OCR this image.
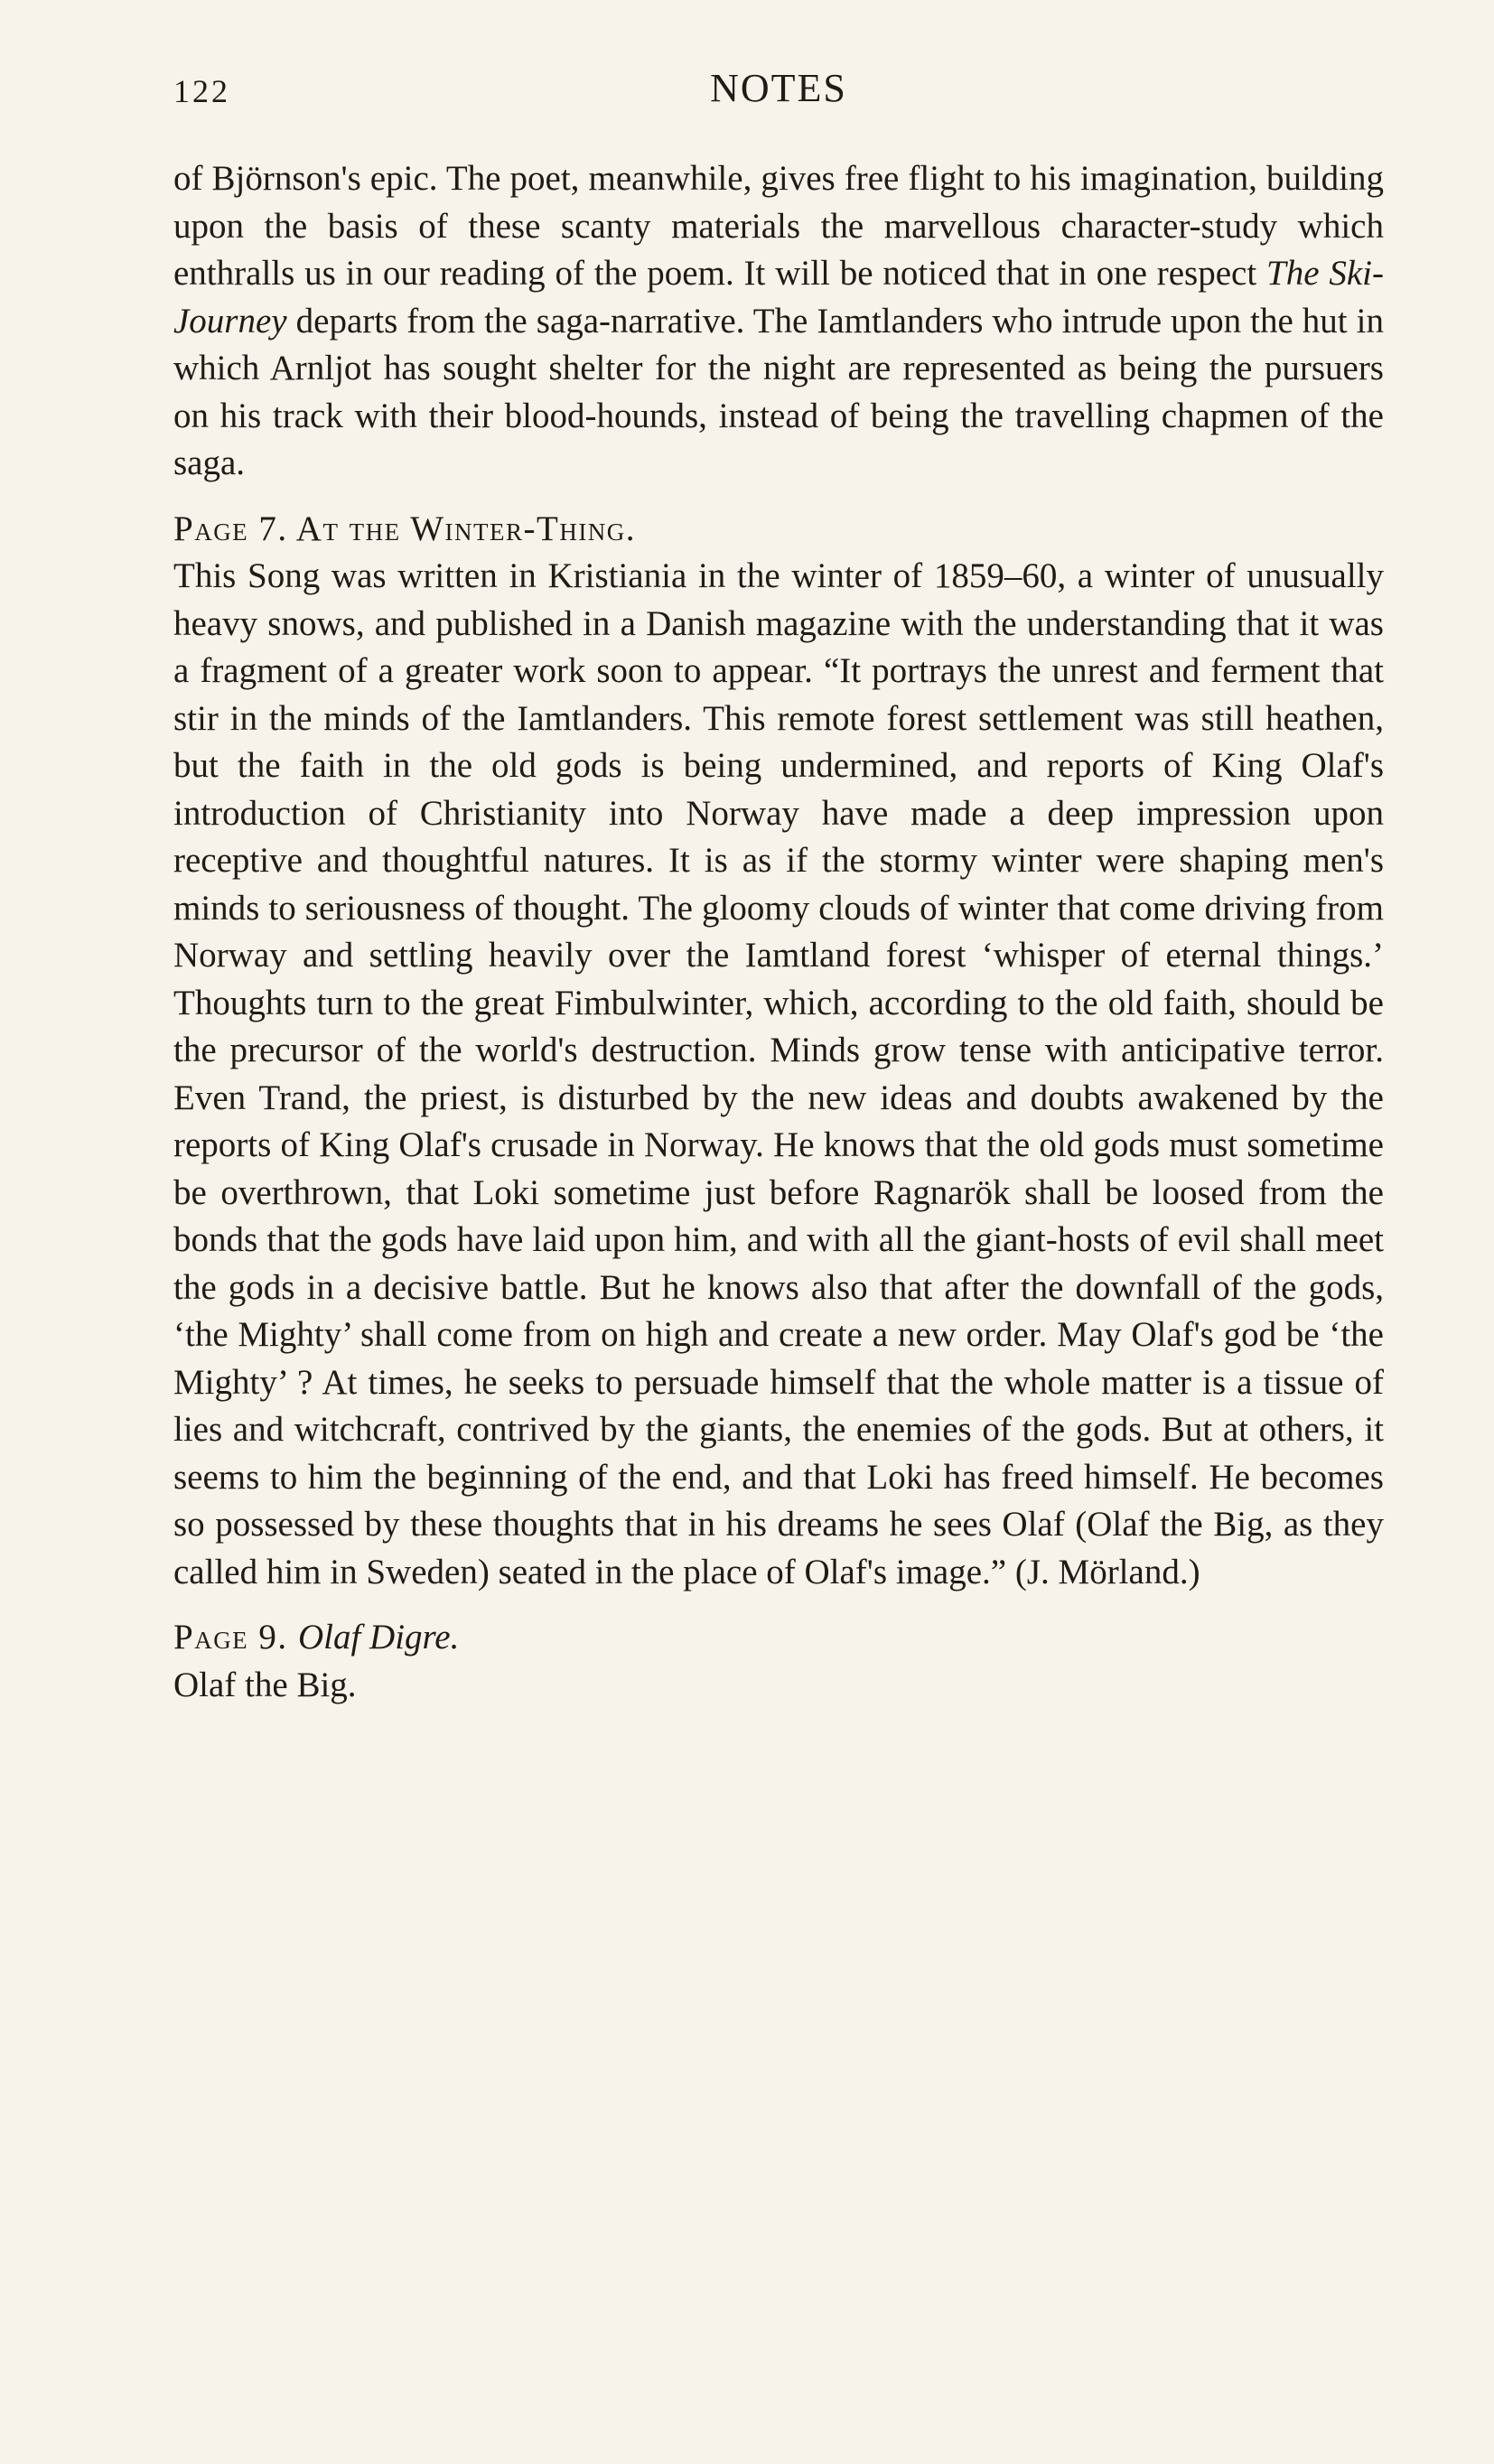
122	NOTES

of Björnson's epic. The poet, meanwhile, gives free flight to his imagination, building upon the basis of these scanty materials the marvellous character-study which enthralls us in our reading of the poem. It will be noticed that in one respect The Ski-Journey departs from the saga-narrative. The Iamtlanders who intrude upon the hut in which Arnljot has sought shelter for the night are represented as being the pursuers on his track with their blood-hounds, instead of being the travelling chapmen of the saga.

Page 7. At the Winter-Thing.

This Song was written in Kristiania in the winter of 1859–60, a winter of unusually heavy snows, and published in a Danish magazine with the understanding that it was a fragment of a greater work soon to appear. “It portrays the unrest and ferment that stir in the minds of the Iamtlanders. This remote forest settlement was still heathen, but the faith in the old gods is being undermined, and reports of King Olaf's introduction of Christianity into Norway have made a deep impression upon receptive and thoughtful natures. It is as if the stormy winter were shaping men's minds to seriousness of thought. The gloomy clouds of winter that come driving from Norway and settling heavily over the Iamtland forest ‘whisper of eternal things.’ Thoughts turn to the great Fimbulwinter, which, according to the old faith, should be the precursor of the world's destruction. Minds grow tense with anticipative terror. Even Trand, the priest, is disturbed by the new ideas and doubts awakened by the reports of King Olaf's crusade in Norway. He knows that the old gods must sometime be overthrown, that Loki sometime just before Ragnarök shall be loosed from the bonds that the gods have laid upon him, and with all the giant-hosts of evil shall meet the gods in a decisive battle. But he knows also that after the downfall of the gods, ‘the Mighty’ shall come from on high and create a new order. May Olaf's god be ‘the Mighty’ ? At times, he seeks to persuade himself that the whole matter is a tissue of lies and witchcraft, contrived by the giants, the enemies of the gods. But at others, it seems to him the beginning of the end, and that Loki has freed himself. He becomes so possessed by these thoughts that in his dreams he sees Olaf (Olaf the Big, as they called him in Sweden) seated in the place of Olaf's image.” (J. Mörland.)

Page 9. Olaf Digre.

Olaf the Big.
